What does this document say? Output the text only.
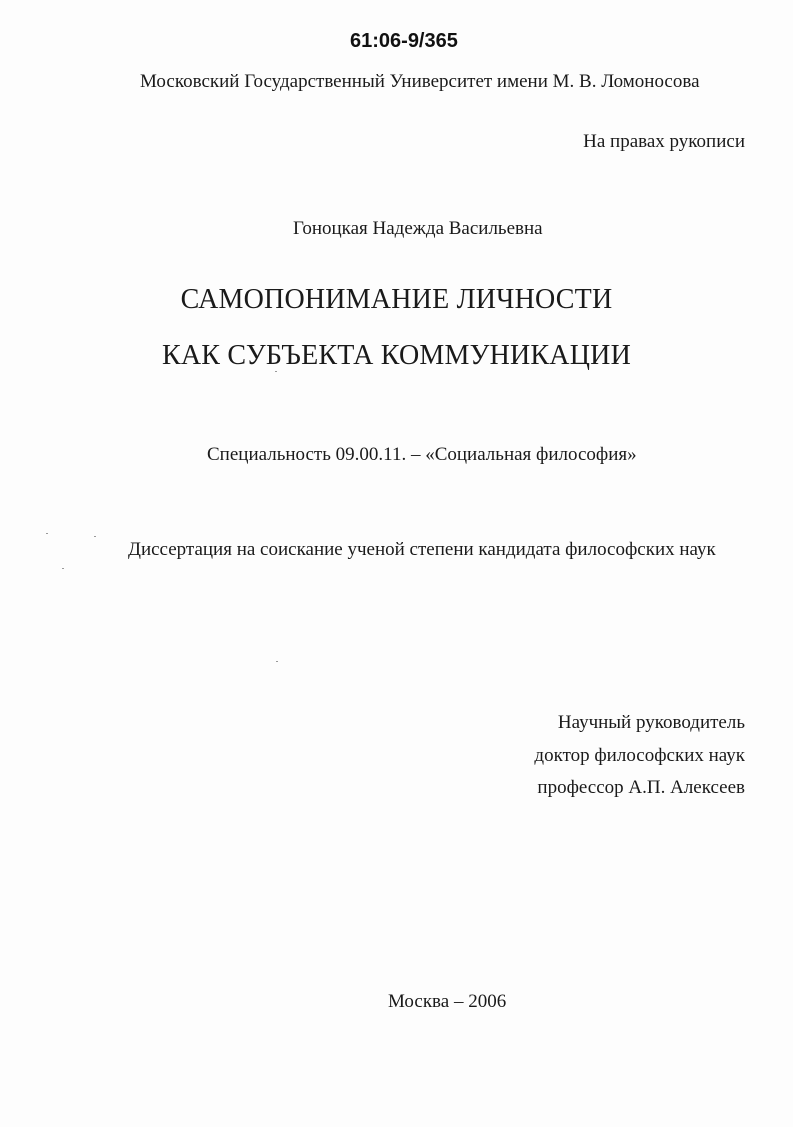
61:06-9/365
Московский Государственный Университет имени М. В. Ломоносова
На правах рукописи
Гоноцкая Надежда Васильевна
САМОПОНИМАНИЕ ЛИЧНОСТИ
КАК СУБЪЕКТА КОММУНИКАЦИИ
Специальность 09.00.11. – «Социальная философия»
Диссертация на соискание ученой степени кандидата философских наук
Научный руководитель
доктор философских наук
профессор А.П. Алексеев
Москва – 2006
